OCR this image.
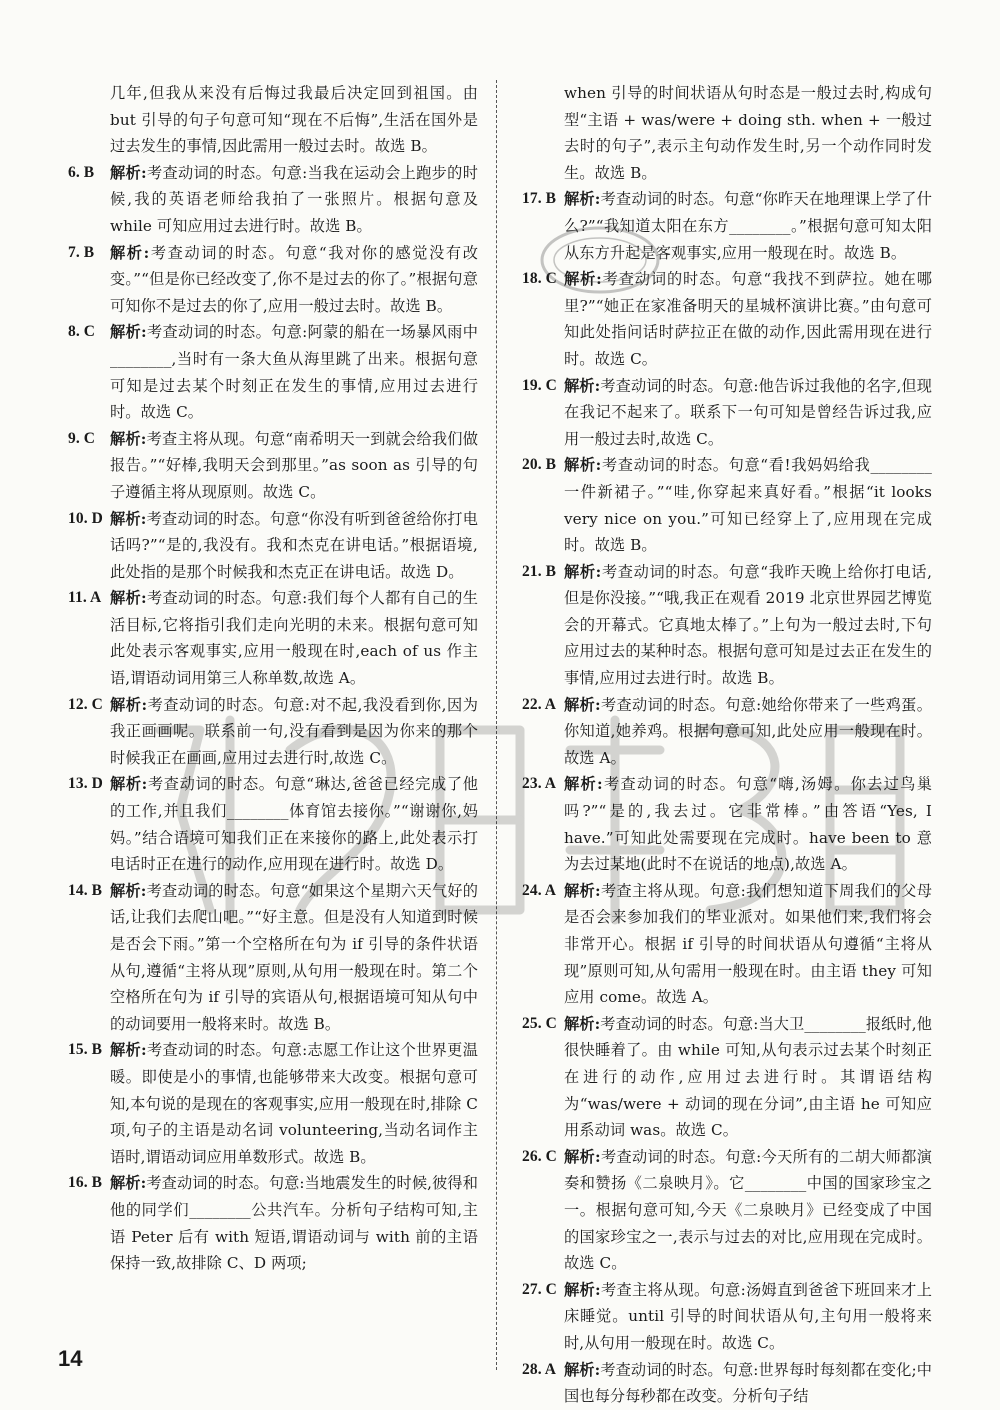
几年,但我从来没有后悔过我最后决定回到祖国。由 but 引导的句子句意可知“现在不后悔”,生活在国外是过去发生的事情,因此需用一般过去时。故选 B。
6. B 解析:考查动词的时态。句意:当我在运动会上跑步的时候,我的英语老师给我拍了一张照片。根据句意及 while 可知应用过去进行时。故选 B。
7. B 解析:考查动词的时态。句意“我对你的感觉没有改变。”“但是你已经改变了,你不是过去的你了。”根据句意可知你不是过去的你了,应用一般过去时。故选 B。
8. C 解析:考查动词的时态。句意:阿蒙的船在一场暴风雨中________,当时有一条大鱼从海里跳了出来。根据句意可知是过去某个时刻正在发生的事情,应用过去进行时。故选 C。
9. C 解析:考查主将从现。句意“南希明天一到就会给我们做报告。”“好棒,我明天会到那里。”as soon as 引导的句子遵循主将从现原则。故选 C。
10. D 解析:考查动词的时态。句意“你没有听到爸爸给你打电话吗?”“是的,我没有。我和杰克在讲电话。”根据语境,此处指的是那个时候我和杰克正在讲电话。故选 D。
11. A 解析:考查动词的时态。句意:我们每个人都有自己的生活目标,它将指引我们走向光明的未来。根据句意可知此处表示客观事实,应用一般现在时,each of us 作主语,谓语动词用第三人称单数,故选 A。
12. C 解析:考查动词的时态。句意:对不起,我没看到你,因为我正画画呢。联系前一句,没有看到是因为你来的那个时候我正在画画,应用过去进行时,故选 C。
13. D 解析:考查动词的时态。句意“琳达,爸爸已经完成了他的工作,并且我们________体育馆去接你。”“谢谢你,妈妈。”结合语境可知我们正在来接你的路上,此处表示打电话时正在进行的动作,应用现在进行时。故选 D。
14. B 解析:考查动词的时态。句意“如果这个星期六天气好的话,让我们去爬山吧。”“好主意。但是没有人知道到时候是否会下雨。”第一个空格所在句为 if 引导的条件状语从句,遵循“主将从现”原则,从句用一般现在时。第二个空格所在句为 if 引导的宾语从句,根据语境可知从句中的动词要用一般将来时。故选 B。
15. B 解析:考查动词的时态。句意:志愿工作让这个世界更温暖。即使是小的事情,也能够带来大改变。根据句意可知,本句说的是现在的客观事实,应用一般现在时,排除 C 项,句子的主语是动名词 volunteering,当动名词作主语时,谓语动词应用单数形式。故选 B。
16. B 解析:考查动词的时态。句意:当地震发生的时候,彼得和他的同学们________公共汽车。分析句子结构可知,主语 Peter 后有 with 短语,谓语动词与 with 前的主语保持一致,故排除 C、D 两项;
when 引导的时间状语从句时态是一般过去时,构成句型“主语 + was/were + doing sth. when + 一般过去时的句子”,表示主句动作发生时,另一个动作同时发生。故选 B。
17. B 解析:考查动词的时态。句意“你昨天在地理课上学了什么?”“我知道太阳在东方________。”根据句意可知太阳从东方升起是客观事实,应用一般现在时。故选 B。
18. C 解析:考查动词的时态。句意“我找不到萨拉。她在哪里?”“她正在家准备明天的星城杯演讲比赛。”由句意可知此处指问话时萨拉正在做的动作,因此需用现在进行时。故选 C。
19. C 解析:考查动词的时态。句意:他告诉过我他的名字,但现在我记不起来了。联系下一句可知是曾经告诉过我,应用一般过去时,故选 C。
20. B 解析:考查动词的时态。句意“看!我妈妈给我________一件新裙子。”“哇,你穿起来真好看。”根据“it looks very nice on you.”可知已经穿上了,应用现在完成时。故选 B。
21. B 解析:考查动词的时态。句意“我昨天晚上给你打电话,但是你没接。”“哦,我正在观看 2019 北京世界园艺博览会的开幕式。它真地太棒了。”上句为一般过去时,下句应用过去的某种时态。根据句意可知是过去正在发生的事情,应用过去进行时。故选 B。
22. A 解析:考查动词的时态。句意:她给你带来了一些鸡蛋。你知道,她养鸡。根据句意可知,此处应用一般现在时。故选 A。
23. A 解析:考查动词的时态。句意“嗨,汤姆。你去过鸟巢吗?”“是的,我去过。它非常棒。”由答语“Yes, I have.”可知此处需要现在完成时。have been to 意为去过某地(此时不在说话的地点),故选 A。
24. A 解析:考查主将从现。句意:我们想知道下周我们的父母是否会来参加我们的毕业派对。如果他们来,我们将会非常开心。根据 if 引导的时间状语从句遵循“主将从现”原则可知,从句需用一般现在时。由主语 they 可知应用 come。故选 A。
25. C 解析:考查动词的时态。句意:当大卫________报纸时,他很快睡着了。由 while 可知,从句表示过去某个时刻正在进行的动作,应用过去进行时。其谓语结构为“was/were + 动词的现在分词”,由主语 he 可知应用系动词 was。故选 C。
26. C 解析:考查动词的时态。句意:今天所有的二胡大师都演奏和赞扬《二泉映月》。它________中国的国家珍宝之一。根据句意可知,今天《二泉映月》已经变成了中国的国家珍宝之一,表示与过去的对比,应用现在完成时。故选 C。
27. C 解析:考查主将从现。句意:汤姆直到爸爸下班回来才上床睡觉。until 引导的时间状语从句,主句用一般将来时,从句用一般现在时。故选 C。
28. A 解析:考查动词的时态。句意:世界每时每刻都在变化;中国也每分每秒都在改变。分析句子结
14
